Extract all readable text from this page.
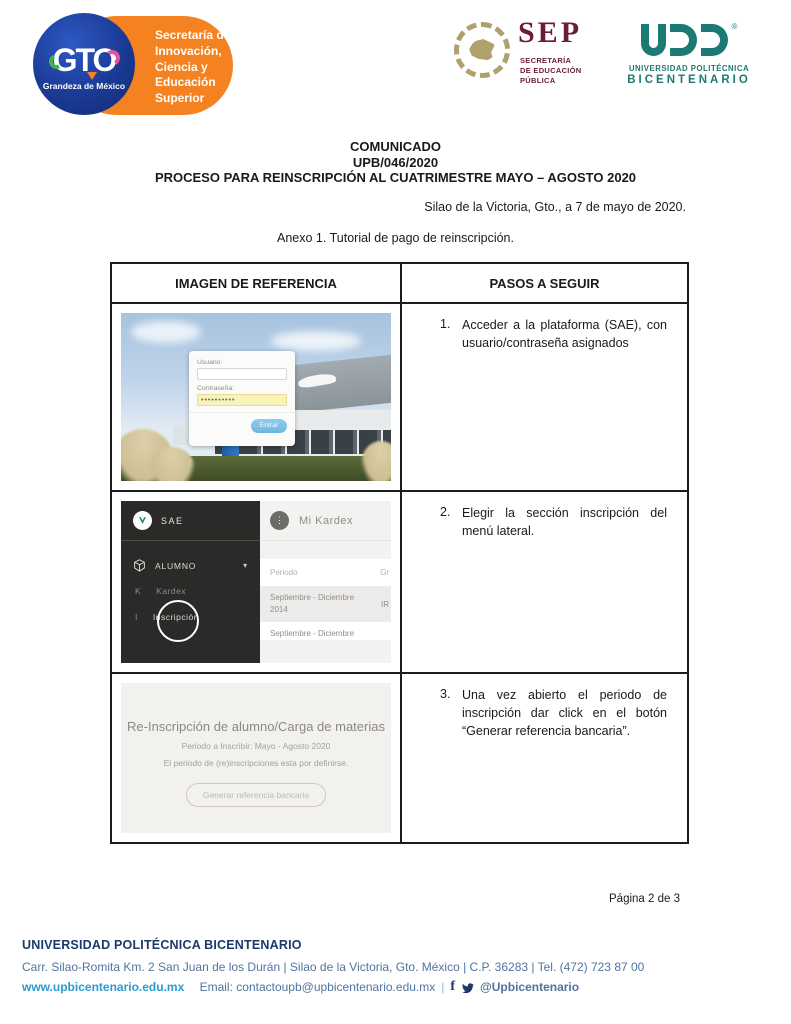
Secretaría de Innovación, Ciencia y Educación Superior
GTO
Grandeza de México
SEP
SECRETARÍA
DE EDUCACIÓN
PÚBLICA
®
UNIVERSIDAD POLITÉCNICA
BICENTENARIO
COMUNICADO
UPB/046/2020
PROCESO PARA REINSCRIPCIÓN AL CUATRIMESTRE MAYO – AGOSTO 2020
Silao de la Victoria, Gto., a 7 de mayo de 2020.
Anexo 1. Tutorial de pago de reinscripción.
IMAGEN DE REFERENCIA	PASOS A SEGUIR
Usuario:
Contraseña:
••••••••••
Entrar
1. Acceder a la plataforma (SAE), con usuario/contraseña asignados
SAE
ALUMNO	▾
K Kardex
I Inscripción
⋮	Mi Kardex
Periodo	Gr
Septiembre - Diciembre 2014
IR
Septiembre - Diciembre
2. Elegir la sección inscripción del menú lateral.
Re-Inscripción de alumno/Carga de materias
Periodo a Inscribir: Mayo - Agosto 2020
El periodo de (re)inscripciones esta por definirse.
Generar referencia bancaria
3. Una vez abierto el periodo de inscripción dar click en el botón “Generar referencia bancaria”.
Página 2 de 3
UNIVERSIDAD POLITÉCNICA BICENTENARIO
Carr. Silao-Romita Km. 2 San Juan de los Durán | Silao de la Victoria, Gto. México | C.P. 36283 | Tel. (472) 723 87 00
www.upbicentenario.edu.mx
Email: contactoupb@upbicentenario.edu.mx | f @Upbicentenario
